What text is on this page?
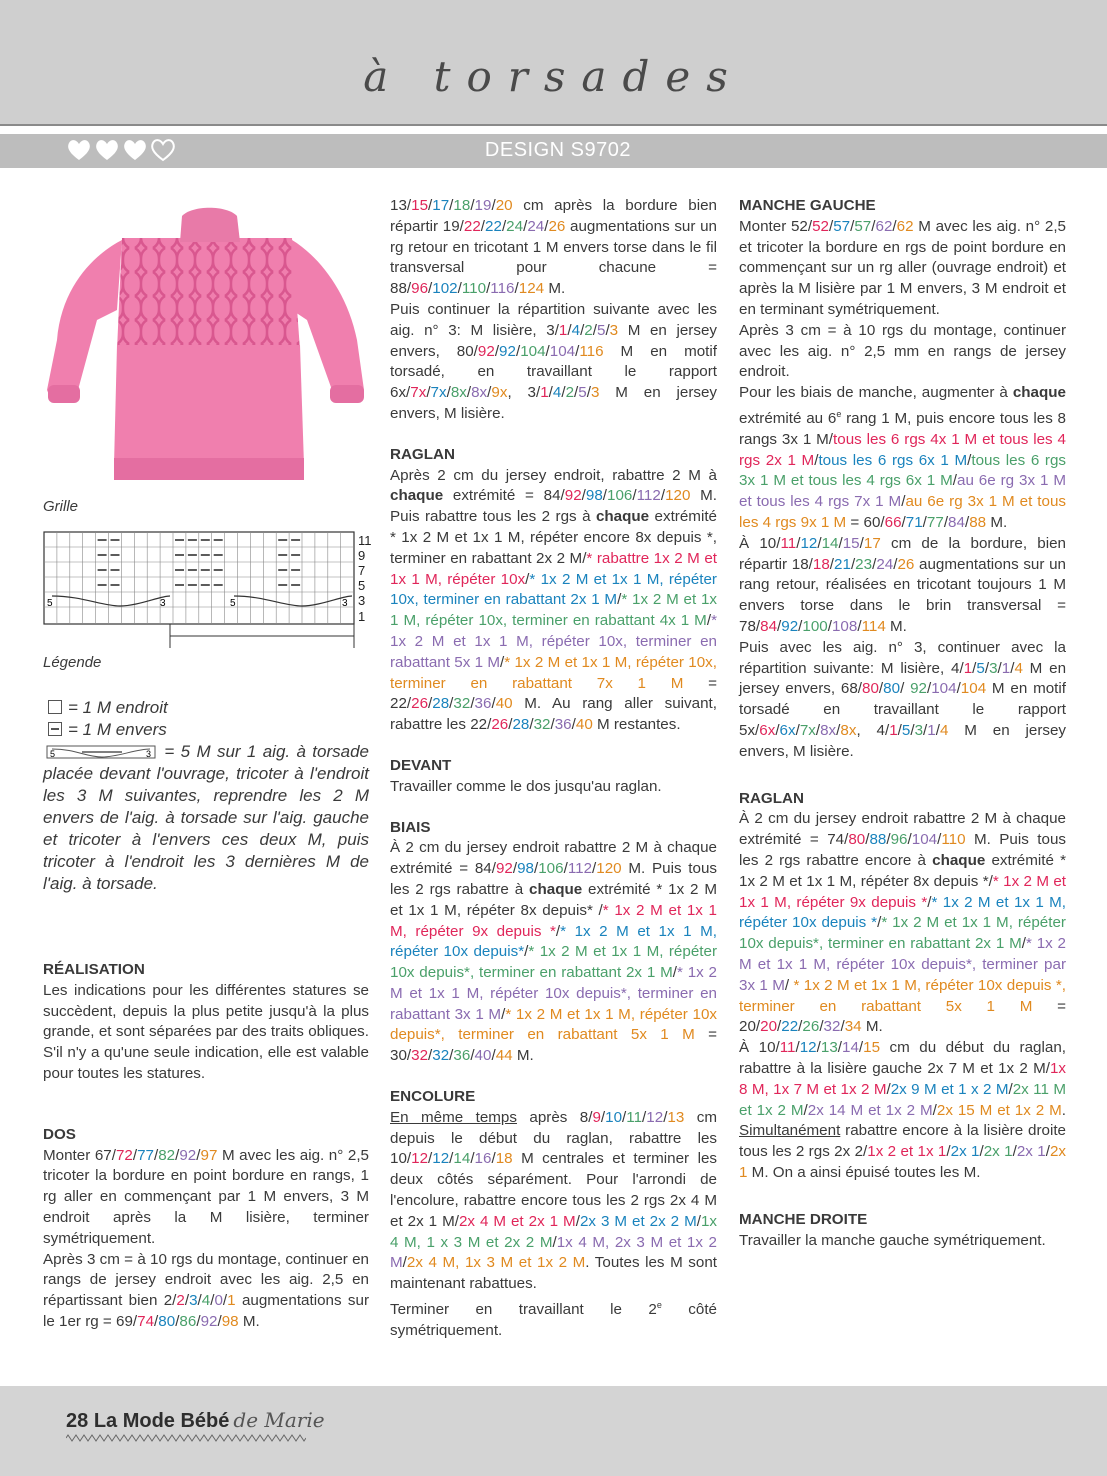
à torsades
DESIGN S9702
Grille
5	3	5	3
11
9
7
5
3
1
Légende

= 1 M endroit

= 1 M envers

5	3 = 5 M sur 1 aig. à torsade placée devant l'ouvrage, tricoter à l'endroit les 3 M suivantes, reprendre les 2 M envers de l'aig. à torsade sur l'aig. gauche et tricoter à l'envers ces deux M, puis tricoter à l'endroit les 3 dernières M de l'aig. à torsade.

RÉALISATION

Les indications pour les différentes statures se succèdent, depuis la plus petite jusqu'à la plus grande, et sont séparées par des traits obliques. S'il n'y a qu'une seule indication, elle est valable pour toutes les statures.

DOS

Monter 67/72/77/82/92/97 M avec les aig. n° 2,5 tricoter la bordure en point bordure en rangs, 1 rg aller en commençant par 1 M envers, 3 M endroit après la M lisière, terminer symétriquement.

Après 3 cm = à 10 rgs du montage, continuer en rangs de jersey endroit avec les aig. 2,5 en répartissant bien 2/2/3/4/0/1 augmentations sur le 1er rg = 69/74/80/86/92/98 M.

13/15/17/18/19/20 cm après la bordure bien répartir 19/22/22/24/24/26 augmentations sur un rg retour en tricotant 1 M envers torse dans le fil transversal pour chacune = 88/96/102/110/116/124 M.

Puis continuer la répartition suivante avec les aig. n° 3: M lisière, 3/1/4/2/5/3 M en jersey envers, 80/92/92/104/104/116 M en motif torsadé, en travaillant le rapport 6x/7x/7x/8x/8x/9x, 3/1/4/2/5/3 M en jersey envers, M lisière.

RAGLAN

Après 2 cm du jersey endroit, rabattre 2 M à chaque extrémité = 84/92/98/106/112/120 M. Puis rabattre tous les 2 rgs à chaque extrémité * 1x 2 M et 1x 1 M, répéter encore 8x depuis *, terminer en rabattant 2x 2 M/* rabattre 1x 2 M et 1x 1 M, répéter 10x/* 1x 2 M et 1x 1 M, répéter 10x, terminer en rabattant 2x 1 M/* 1x 2 M et 1x 1 M, répéter 10x, terminer en rabattant 4x 1 M/* 1x 2 M et 1x 1 M, répéter 10x, terminer en rabattant 5x 1 M/* 1x 2 M et 1x 1 M, répéter 10x, terminer en rabattant 7x 1 M = 22/26/28/32/36/40 M. Au rang aller suivant, rabattre les 22/26/28/32/36/40 M restantes.

DEVANT

Travailler comme le dos jusqu'au raglan.

BIAIS

À 2 cm du jersey endroit rabattre 2 M à chaque extrémité = 84/92/98/106/112/120 M. Puis tous les 2 rgs rabattre à chaque extrémité * 1x 2 M et 1x 1 M, répéter 8x depuis* /* 1x 2 M et 1x 1 M, répéter 9x depuis */* 1x 2 M et 1x 1 M, répéter 10x depuis*/* 1x 2 M et 1x 1 M, répéter 10x depuis*, terminer en rabattant 2x 1 M/* 1x 2 M et 1x 1 M, répéter 10x depuis*, terminer en rabattant 3x 1 M/* 1x 2 M et 1x 1 M, répéter 10x depuis*, terminer en rabattant 5x 1 M = 30/32/32/36/40/44 M.

ENCOLURE

En même temps après 8/9/10/11/12/13 cm depuis le début du raglan, rabattre les 10/12/12/14/16/18 M centrales et terminer les deux côtés séparément. Pour l'arrondi de l'encolure, rabattre encore tous les 2 rgs 2x 4 M et 2x 1 M/2x 4 M et 2x 1 M/2x 3 M et 2x 2 M/1x 4 M, 1 x 3 M et 2x 2 M/1x 4 M, 2x 3 M et 1x 2 M/2x 4 M, 1x 3 M et 1x 2 M. Toutes les M sont maintenant rabattues.

Terminer en travaillant le 2e côté symétriquement.

MANCHE GAUCHE

Monter 52/52/57/57/62/62 M avec les aig. n° 2,5 et tricoter la bordure en rgs de point bordure en commençant sur un rg aller (ouvrage endroit) et après la M lisière par 1 M envers, 3 M endroit et en terminant symétriquement.

Après 3 cm = à 10 rgs du montage, continuer avec les aig. n° 2,5 mm en rangs de jersey endroit.

Pour les biais de manche, augmenter à chaque extrémité au 6e rang 1 M, puis encore tous les 8 rangs 3x 1 M/tous les 6 rgs 4x 1 M et tous les 4 rgs 2x 1 M/tous les 6 rgs 6x 1 M/tous les 6 rgs 3x 1 M et tous les 4 rgs 6x 1 M/au 6e rg 3x 1 M et tous les 4 rgs 7x 1 M/au 6e rg 3x 1 M et tous les 4 rgs 9x 1 M = 60/66/71/77/84/88 M.

À 10/11/12/14/15/17 cm de la bordure, bien répartir 18/18/21/23/24/26 augmentations sur un rang retour, réalisées en tricotant toujours 1 M envers torse dans le brin transversal = 78/84/92/100/108/114 M.

Puis avec les aig. n° 3, continuer avec la répartition suivante: M lisière, 4/1/5/3/1/4 M en jersey envers, 68/80/80/ 92/104/104 M en motif torsadé en travaillant le rapport 5x/6x/6x/7x/8x/8x, 4/1/5/3/1/4 M en jersey envers, M lisière.

RAGLAN

À 2 cm du jersey endroit rabattre 2 M à chaque extrémité = 74/80/88/96/104/110 M. Puis tous les 2 rgs rabattre encore à chaque extrémité * 1x 2 M et 1x 1 M, répéter 8x depuis */* 1x 2 M et 1x 1 M, répéter 9x depuis */* 1x 2 M et 1x 1 M, répéter 10x depuis */* 1x 2 M et 1x 1 M, répéter 10x depuis*, terminer en rabattant 2x 1 M/* 1x 2 M et 1x 1 M, répéter 10x depuis*, terminer par 3x 1 M/ * 1x 2 M et 1x 1 M, répéter 10x depuis *, terminer en rabattant 5x 1 M = 20/20/22/26/32/34 M.

À 10/11/12/13/14/15 cm du début du raglan, rabattre à la lisière gauche 2x 7 M et 1x 2 M/1x 8 M, 1x 7 M et 1x 2 M/2x 9 M et 1 x 2 M/2x 11 M et 1x 2 M/2x 14 M et 1x 2 M/2x 15 M et 1x 2 M. Simultanément rabattre encore à la lisière droite tous les 2 rgs 2x 2/1x 2 et 1x 1/2x 1/2x 1/2x 1/2x 1 M. On a ainsi épuisé toutes les M.

MANCHE DROITE

Travailler la manche gauche symétriquement.

28 La Mode Bébé de Marie
